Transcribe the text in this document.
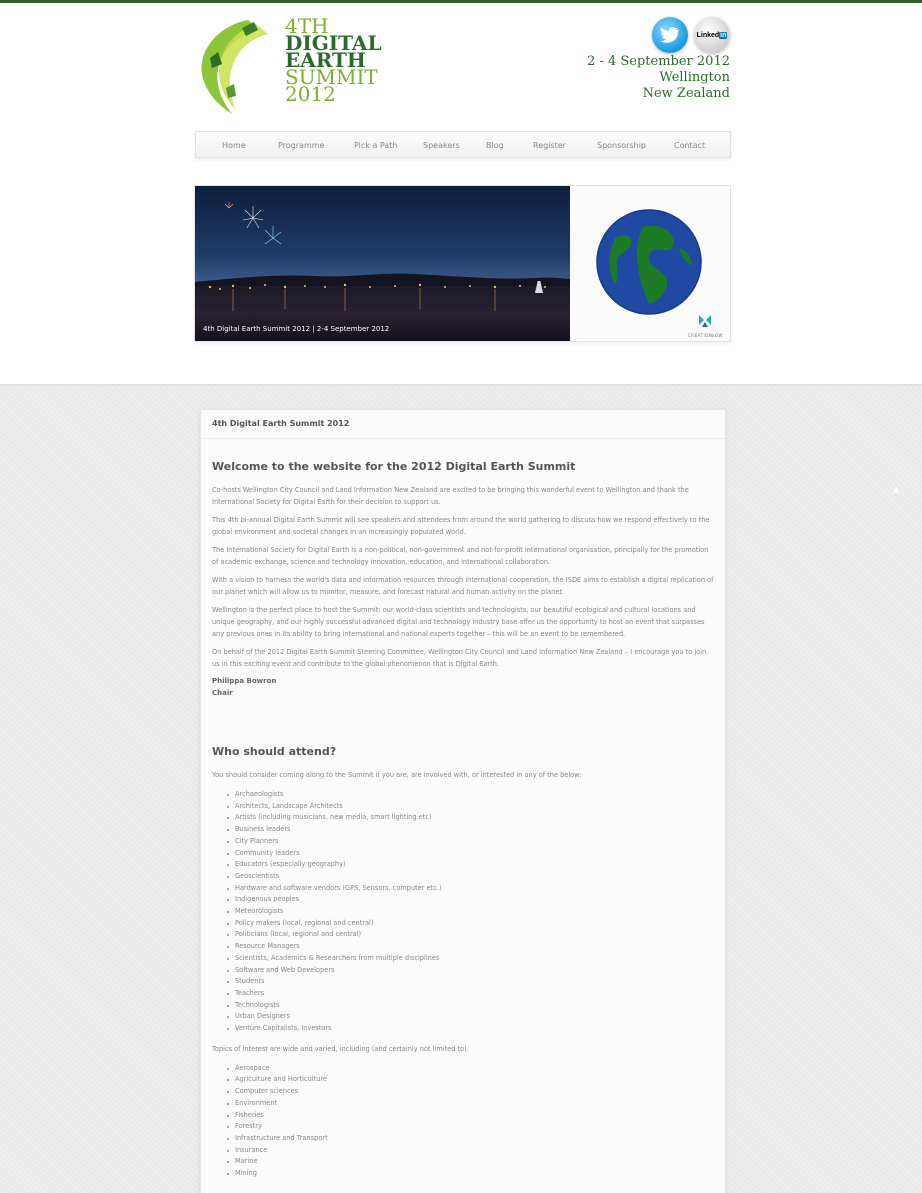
4TH
DIGITAL
EARTH
SUMMIT
2012
Linkedin
2 - 4 September 2012
Wellington
New Zealand
Home	Programme	Pick a Path	Speakers	Blog	Register	Sponsorship	Contact
4th Digital Earth Summit 2012 | 2-4 September 2012
CREATIONLOW
▲
4th Digital Earth Summit 2012
Welcome to the website for the 2012 Digital Earth Summit

Co-hosts Wellington City Council and Land Information New Zealand are excited to be bringing this wonderful event to Wellington and thank the International Society for Digital Earth for their decision to support us.

This 4th bi-annual Digital Earth Summit will see speakers and attendees from around the world gathering to discuss how we respond effectively to the global environment and societal changes in an increasingly populated world.

The International Society for Digital Earth is a non-political, non-government and not-for-profit international organisation, principally for the promotion of academic exchange, science and technology innovation, education, and international collaboration.

With a vision to harness the world's data and information resources through international cooperation, the ISDE aims to establish a digital replication of our planet which will allow us to monitor, measure, and forecast natural and human activity on the planet.

Wellington is the perfect place to host the Summit: our world-class scientists and technologists, our beautiful ecological and cultural locations and unique geography, and our highly successful advanced digital and technology industry base offer us the opportunity to host an event that surpasses any previous ones in its ability to bring international and national experts together – this will be an event to be remembered.

On behalf of the 2012 Digital Earth Summit Steering Committee, Wellington City Council and Land Information New Zealand – I encourage you to join us in this exciting event and contribute to the global phenomenon that is Digital Earth.

Philippa Bowron
Chair
Who should attend?

You should consider coming along to the Summit if you are, are involved with, or interested in any of the below:

Archaeologists
Architects, Landscape Architects
Artists (including musicians, new media, smart lighting etc)
Business leaders
City Planners
Community leaders
Educators (especially geography)
Geoscientists
Hardware and software vendors (GPS, Sensors, computer etc.)
Indigenous peoples
Meteorologists
Policy makers (local, regional and central)
Politicians (local, regional and central)
Resource Managers
Scientists, Academics & Researchers from multiple disciplines
Software and Web Developers
Students
Teachers
Technologists
Urban Designers
Venture Capitalists, Investors

Topics of interest are wide and varied, including (and certainly not limited to):

Aerospace
Agriculture and Horticulture
Computer sciences
Environment
Fisheries
Forestry
Infrastructure and Transport
Insurance
Marine
Mining
